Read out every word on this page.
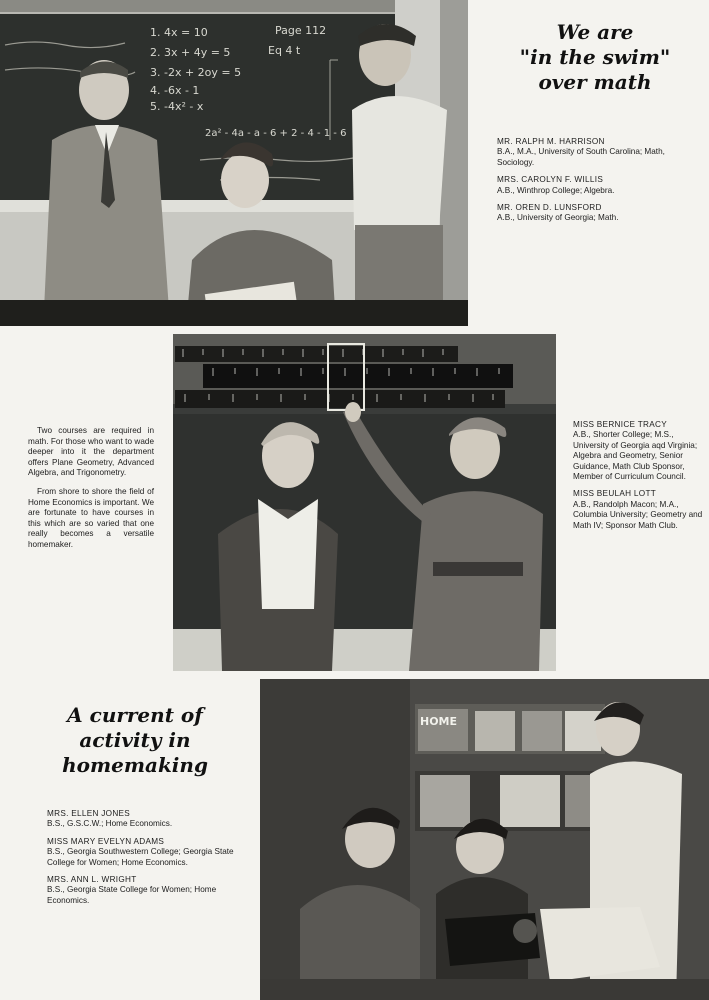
1. 4x = 10
2. 3x + 4y = 5
3. -2x + 2oy = 5
4. -6x - 1
5. -4x² - x
Page 112
Eq 4 t
2a² - 4a - a - 6 + 2 - 4 - 1 - 6
We are
"in the swim"
over math
MR. RALPH M. HARRISON
B.A., M.A., University of South Carolina; Math, Sociology.
MRS. CAROLYN F. WILLIS
A.B., Winthrop College; Algebra.
MR. OREN D. LUNSFORD
A.B., University of Georgia; Math.

Two courses are required in math. For those who want to wade deeper into it the department offers Plane Geometry, Advanced Algebra, and Trigonometry.

From shore to shore the field of Home Economics is important. We are fortunate to have courses in this which are so varied that one really becomes a versatile homemaker.

MISS BERNICE TRACY
A.B., Shorter College; M.S., University of Georgia aqd Virginia; Algebra and Geometry, Senior Guidance, Math Club Sponsor, Member of Curriculum Council.
MISS BEULAH LOTT
A.B., Randolph Macon; M.A., Columbia University; Geometry and Math IV; Sponsor Math Club.
A current of
activity in
homemaking
MRS. ELLEN JONES
B.S., G.S.C.W.; Home Economics.
MISS MARY EVELYN ADAMS
B.S., Georgia Southwestern College; Georgia State College for Women; Home Economics.
MRS. ANN L. WRIGHT
B.S., Georgia State College for Women; Home Economics.
HOME
